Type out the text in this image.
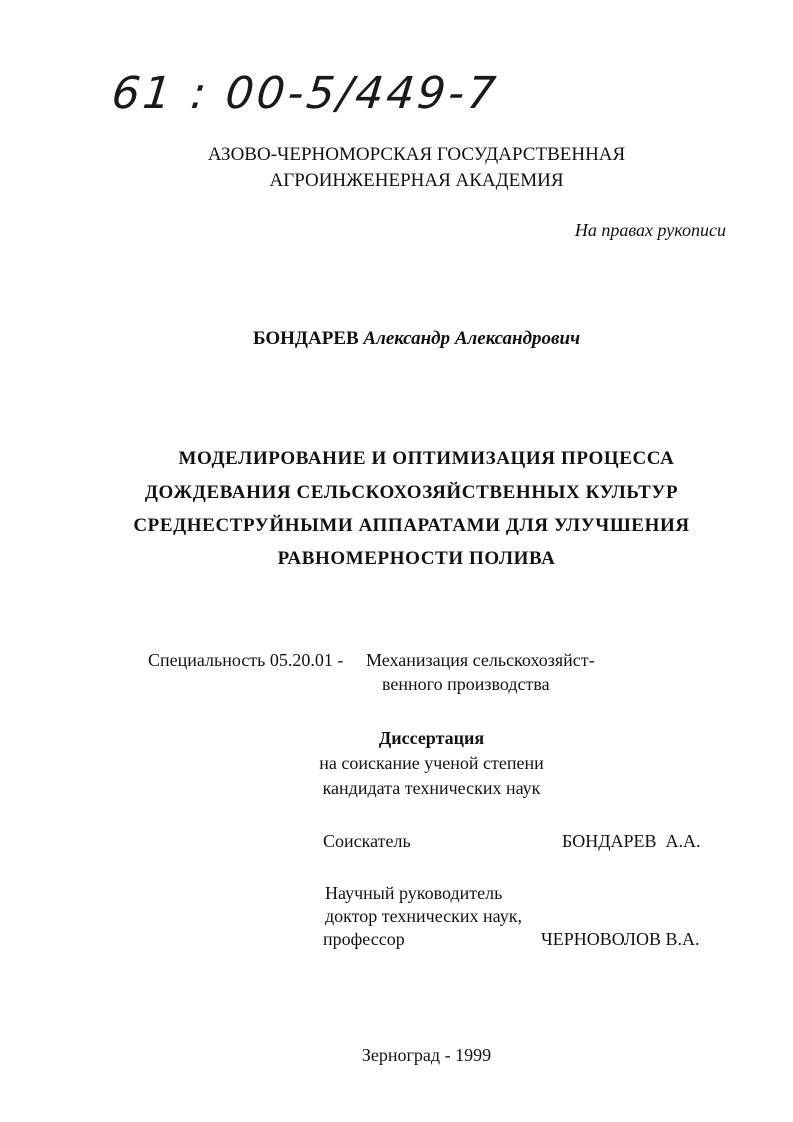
61 : 00-5/449-7

АЗОВО-ЧЕРНОМОРСКАЯ ГОСУДАРСТВЕННАЯ

АГРОИНЖЕНЕРНАЯ АКАДЕМИЯ

На правах рукописи

БОНДАРЕВ Александр Александрович

МОДЕЛИРОВАНИЕ И ОПТИМИЗАЦИЯ ПРОЦЕССА

ДОЖДЕВАНИЯ СЕЛЬСКОХОЗЯЙСТВЕННЫХ КУЛЬТУР

СРЕДНЕСТРУЙНЫМИ АППАРАТАМИ ДЛЯ УЛУЧШЕНИЯ

РАВНОМЕРНОСТИ ПОЛИВА

Специальность 05.20.01 - Механизация сельскохозяйст-

венного производства

Диссертация

на соискание ученой степени

кандидата технических наук

Соискатель	БОНДАРЕВ  А.А.

Научный руководитель

доктор технических наук,

профессор	ЧЕРНОВОЛОВ В.А.

Зерноград - 1999
